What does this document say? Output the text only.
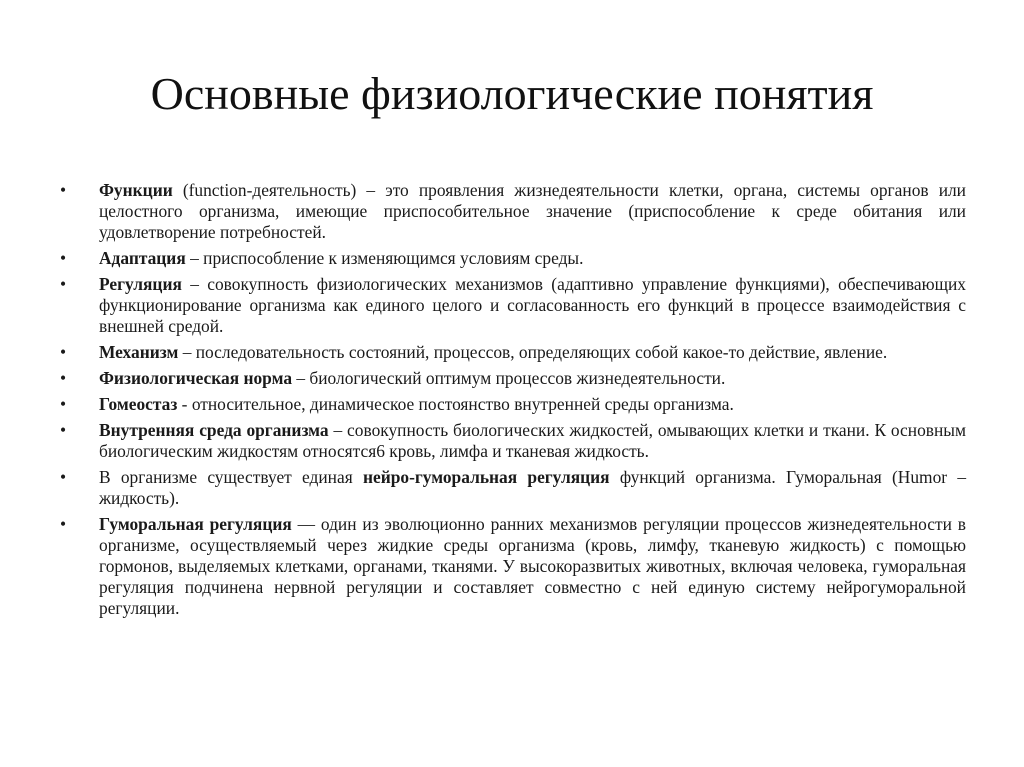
Основные физиологические понятия
•	Функции (function-деятельность) – это проявления жизнедеятельности клетки, органа, системы органов или целостного организма, имеющие приспособительное значение (приспособление к среде обитания или удовлетворение потребностей.
•	Адаптация – приспособление к изменяющимся условиям среды.
•	Регуляция – совокупность физиологических механизмов (адаптивно управление функциями), обеспечивающих функционирование организма как единого целого и согласованность его функций в процессе взаимодействия с внешней средой.
•	Механизм – последовательность состояний, процессов, определяющих собой какое-то действие, явление.
•	Физиологическая норма – биологический оптимум процессов жизнедеятельности.
•	Гомеостаз - относительное, динамическое постоянство внутренней среды организма.
•	Внутренняя среда организма – совокупность биологических жидкостей, омывающих клетки и ткани. К основным биологическим жидкостям относятся6 кровь, лимфа и тканевая жидкость.
•	В организме существует единая нейро-гуморальная регуляция функций организма. Гуморальная (Humor – жидкость).
•	Гуморальная регуляция — один из эволюционно ранних механизмов регуляции процессов жизнедеятельности в организме, осуществляемый через жидкие среды организма (кровь, лимфу, тканевую жидкость) с помощью гормонов, выделяемых клетками, органами, тканями. У высокоразвитых животных, включая человека, гуморальная регуляция подчинена нервной регуляции и составляет совместно с ней единую систему нейрогуморальной регуляции.
